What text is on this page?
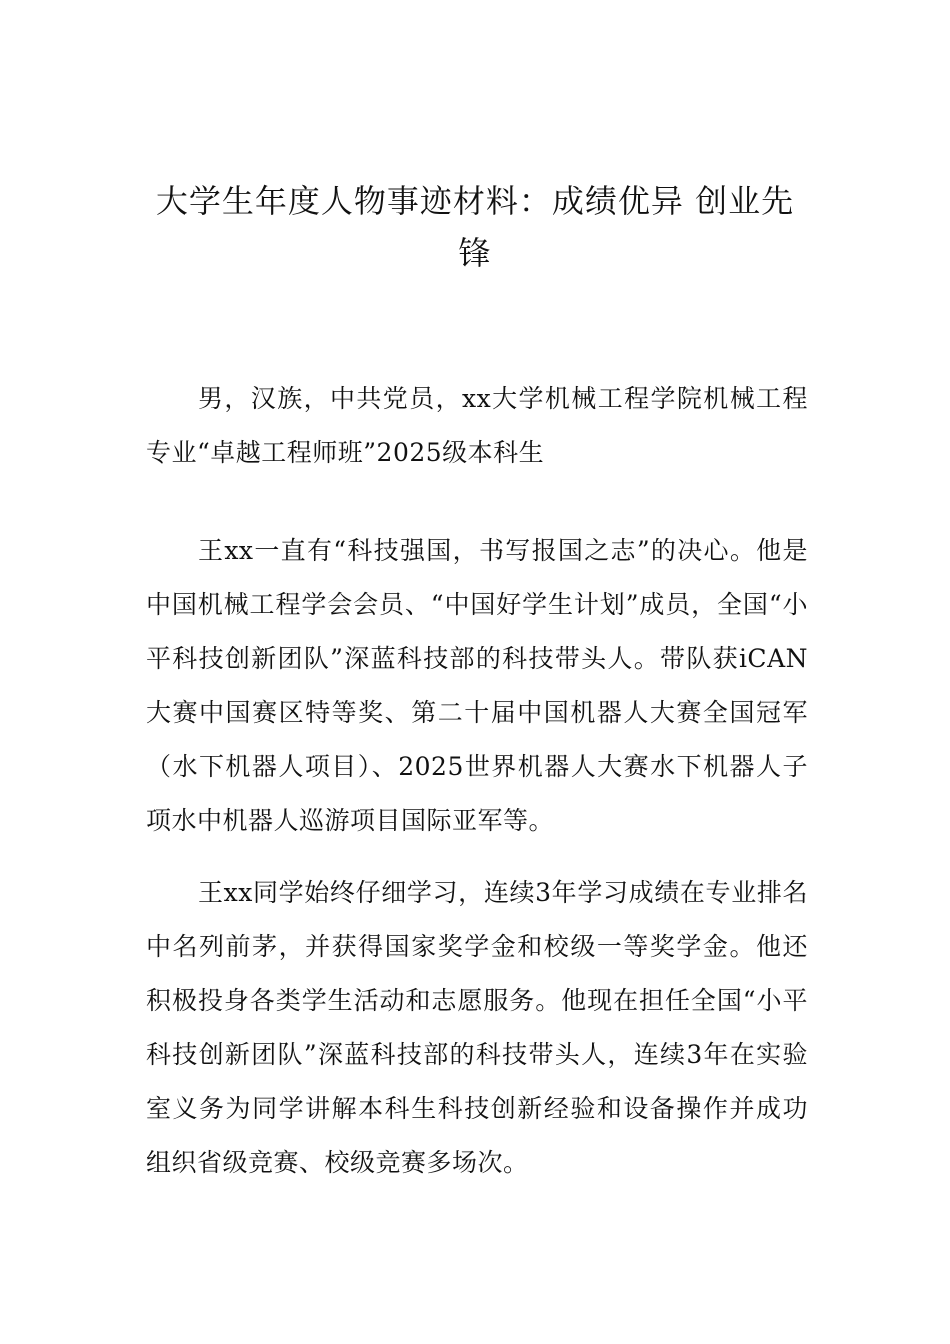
大学生年度人物事迹材料：成绩优异 创业先锋

男，汉族，中共党员，xx大学机械工程学院机械工程专业“卓越工程师班”2025级本科生

王xx一直有“科技强国，书写报国之志”的决心。他是中国机械工程学会会员、“中国好学生计划”成员，全国“小平科技创新团队”深蓝科技部的科技带头人。带队获iCAN大赛中国赛区特等奖、第二十届中国机器人大赛全国冠军（水下机器人项目）、2025世界机器人大赛水下机器人子项水中机器人巡游项目国际亚军等。

王xx同学始终仔细学习，连续3年学习成绩在专业排名中名列前茅，并获得国家奖学金和校级一等奖学金。他还积极投身各类学生活动和志愿服务。他现在担任全国“小平科技创新团队”深蓝科技部的科技带头人，连续3年在实验室义务为同学讲解本科生科技创新经验和设备操作并成功组织省级竞赛、校级竞赛多场次。
